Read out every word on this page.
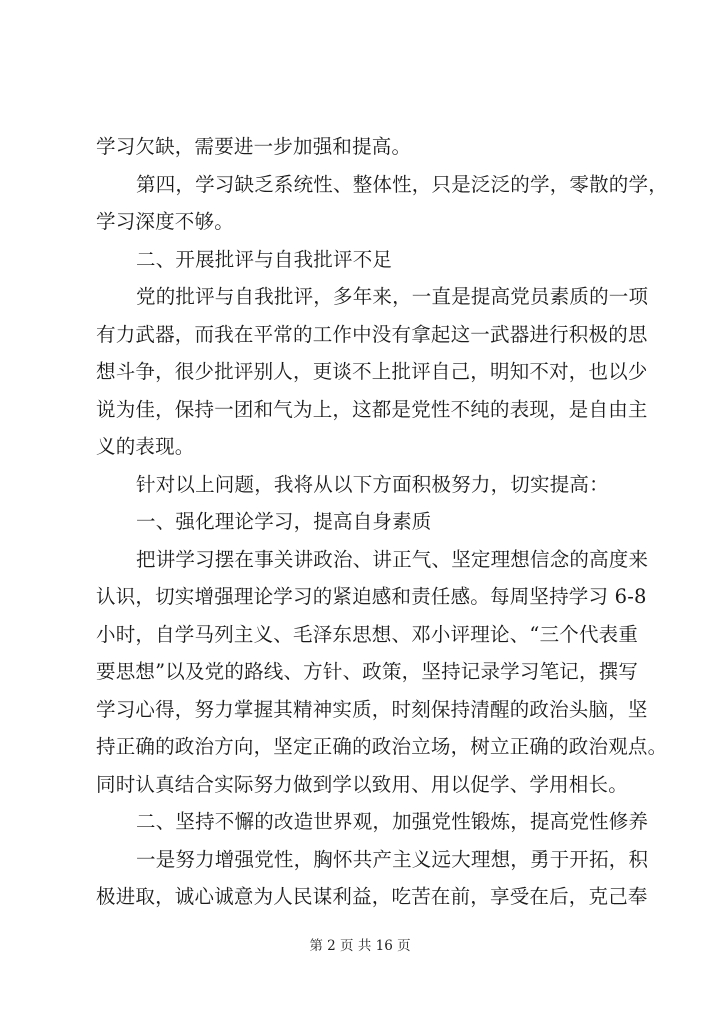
学习欠缺，需要进一步加强和提高。
第四，学习缺乏系统性、整体性，只是泛泛的学，零散的学，
学习深度不够。
二、开展批评与自我批评不足
党的批评与自我批评，多年来，一直是提高党员素质的一项
有力武器，而我在平常的工作中没有拿起这一武器进行积极的思
想斗争，很少批评别人，更谈不上批评自己，明知不对，也以少
说为佳，保持一团和气为上，这都是党性不纯的表现，是自由主
义的表现。
针对以上问题，我将从以下方面积极努力，切实提高：
一、强化理论学习，提高自身素质
把讲学习摆在事关讲政治、讲正气、坚定理想信念的高度来
认识，切实增强理论学习的紧迫感和责任感。每周坚持学习 6-8
小时，自学马列主义、毛泽东思想、邓小评理论、“三个代表重
要思想”以及党的路线、方针、政策，坚持记录学习笔记，撰写
学习心得，努力掌握其精神实质，时刻保持清醒的政治头脑，坚
持正确的政治方向，坚定正确的政治立场，树立正确的政治观点。
同时认真结合实际努力做到学以致用、用以促学、学用相长。
二、坚持不懈的改造世界观，加强党性锻炼，提高党性修养
一是努力增强党性，胸怀共产主义远大理想，勇于开拓，积
极进取，诚心诚意为人民谋利益，吃苦在前，享受在后，克己奉
第 2 页 共 16 页
